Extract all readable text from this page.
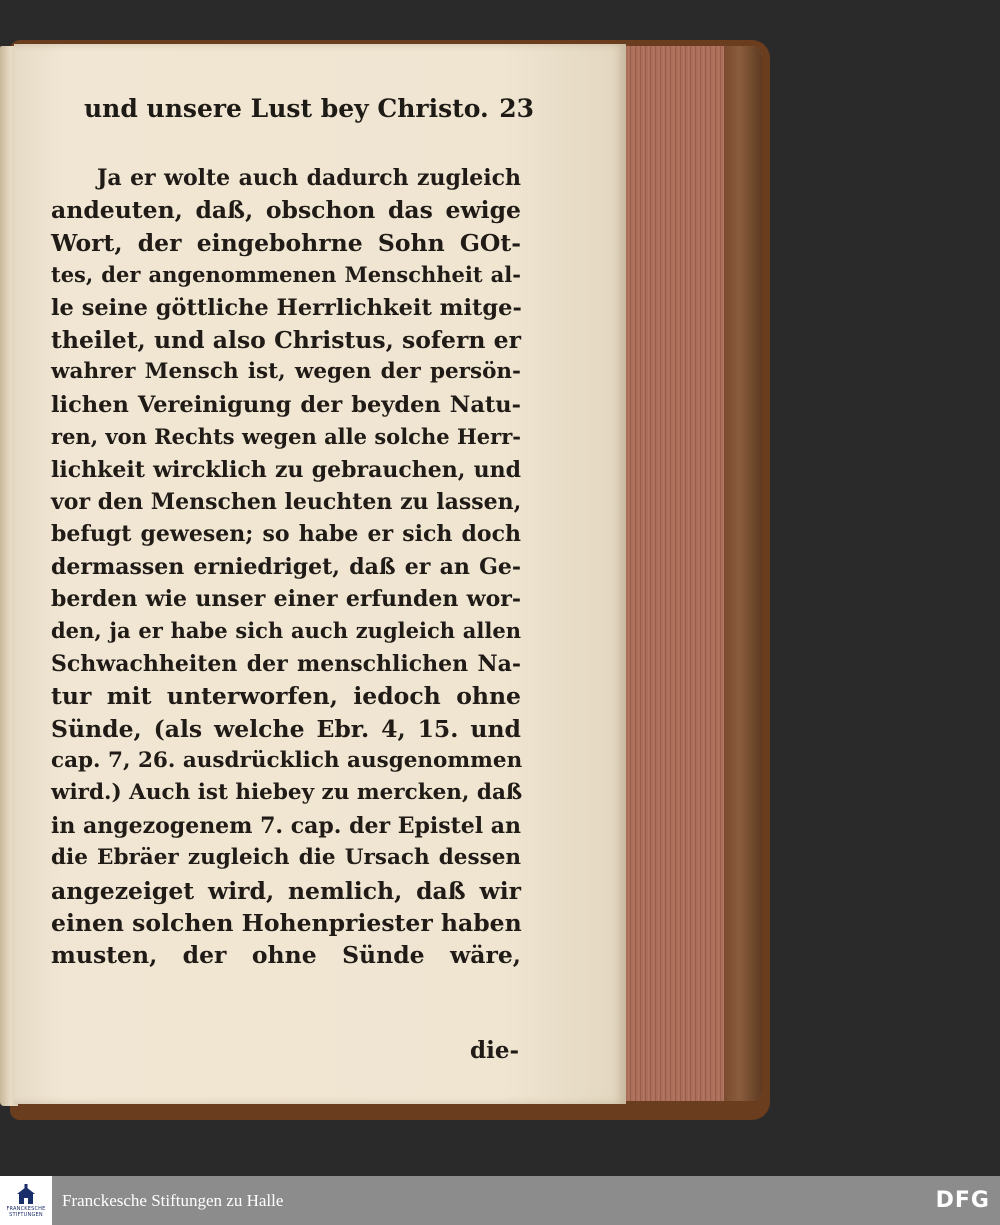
und unsere Lust bey Christo. 23
Ja er wolte auch dadurch zugleich
andeuten, daß, obschon das ewige
Wort, der eingebohrne Sohn GOt-
tes, der angenommenen Menschheit al-
le seine göttliche Herrlichkeit mitge-
theilet, und also Christus, sofern er
wahrer Mensch ist, wegen der persön-
lichen Vereinigung der beyden Natu-
ren, von Rechts wegen alle solche Herr-
lichkeit wircklich zu gebrauchen, und
vor den Menschen leuchten zu lassen,
befugt gewesen; so habe er sich doch
dermassen erniedriget, daß er an Ge-
berden wie unser einer erfunden wor-
den, ja er habe sich auch zugleich allen
Schwachheiten der menschlichen Na-
tur mit unterworfen, iedoch ohne
Sünde, (als welche Ebr. 4, 15. und
cap. 7, 26. ausdrücklich ausgenommen
wird.) Auch ist hiebey zu mercken, daß
in angezogenem 7. cap. der Epistel an
die Ebräer zugleich die Ursach dessen
angezeiget wird, nemlich, daß wir
einen solchen Hohenpriester haben
musten, der ohne Sünde wäre,
die-
FRANCKESCHE
STIFTUNGEN
Franckesche Stiftungen zu Halle	DFG
